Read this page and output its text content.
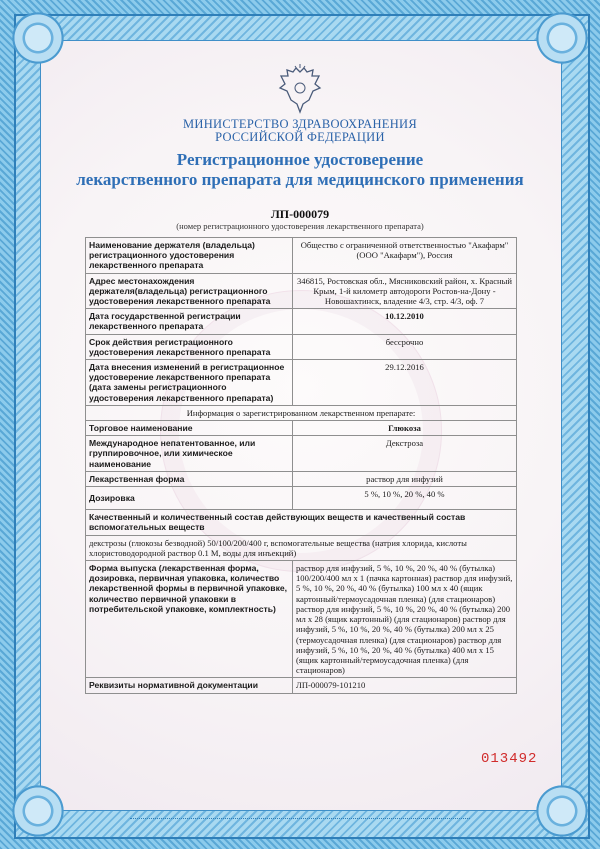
МИНИСТЕРСТВО ЗДРАВООХРАНЕНИЯ
РОССИЙСКОЙ ФЕДЕРАЦИИ
Регистрационное удостоверение
лекарственного препарата для медицинского применения
ЛП-000079
(номер регистрационного удостоверения лекарственного препарата)
Наименование держателя (владельца) регистрационного удостоверения лекарственного препарата	Общество с ограниченной ответственностью "Акафарм" (ООО "Акафарм"), Россия
Адрес местонахождения держателя(владельца) регистрационного удостоверения лекарственного препарата	346815, Ростовская обл., Мясниковский район, х. Красный Крым, 1-й километр автодороги Ростов-на-Дону - Новошахтинск, владение 4/3, стр. 4/3, оф. 7
Дата государственной регистрации лекарственного препарата	10.12.2010
Срок действия регистрационного удостоверения лекарственного препарата	бессрочно
Дата внесения изменений в регистрационное удостоверение лекарственного препарата (дата замены регистрационного удостоверения лекарственного препарата)	29.12.2016
Информация о зарегистрированном лекарственном препарате:	
Торговое наименование	Глюкоза
Международное непатентованное, или группировочное, или химическое наименование	Декстроза
Лекарственная форма	раствор для инфузий
Дозировка	5 %, 10 %, 20 %, 40 %
Качественный и количественный состав действующих веществ и качественный состав вспомогательных веществ	
декстрозы (глюкозы безводной) 50/100/200/400 г, вспомогательные вещества (натрия хлорида, кислоты хлористоводородной раствор 0.1 М, воды для инъекций)	
Форма выпуска (лекарственная форма, дозировка, первичная упаковка, количество лекарственной формы в первичной упаковке, количество первичной упаковки в потребительской упаковке, комплектность)	раствор для инфузий, 5 %, 10 %, 20 %, 40 % (бутылка) 100/200/400 мл x 1 (пачка картонная) раствор для инфузий, 5 %, 10 %, 20 %, 40 % (бутылка) 100 мл x 40 (ящик картонный/термоусадочная пленка) (для стационаров) раствор для инфузий, 5 %, 10 %, 20 %, 40 % (бутылка) 200 мл x 28 (ящик картонный) (для стационаров) раствор для инфузий, 5 %, 10 %, 20 %, 40 % (бутылка) 200 мл x 25 (термоусадочная пленка) (для стационаров) раствор для инфузий, 5 %, 10 %, 20 %, 40 % (бутылка) 400 мл x 15 (ящик картонный/термоусадочная пленка) (для стационаров)
Реквизиты нормативной документации	ЛП-000079-101210
013492
